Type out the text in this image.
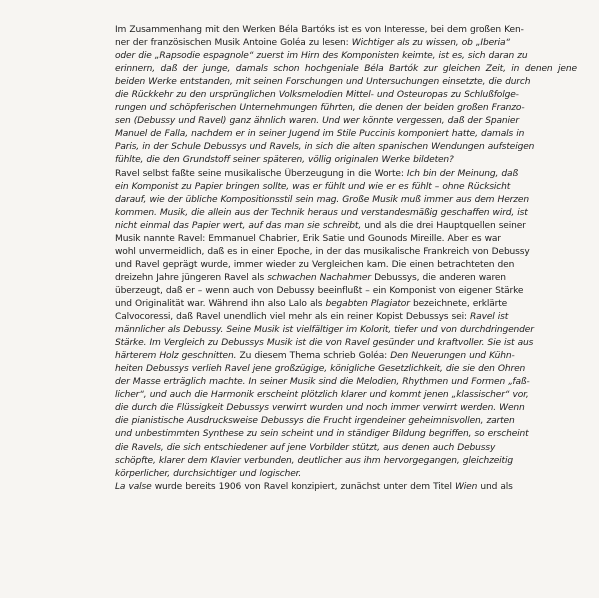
Im Zusammenhang mit den Werken Béla Bartóks ist es von Interesse, bei dem großen Ken-
ner der französischen Musik Antoine Goléa zu lesen: Wichtiger als zu wissen, ob „Iberia“
oder die „Rapsodie espagnole“ zuerst im Hirn des Komponisten keimte, ist es, sich daran zu
erinnern, daß der junge, damals schon hochgeniale Béla Bartók zur gleichen Zeit, in denen jene
beiden Werke entstanden, mit seinen Forschungen und Untersuchungen einsetzte, die durch
die Rückkehr zu den ursprünglichen Volksmelodien Mittel- und Osteuropas zu Schlußfolge-
rungen und schöpferischen Unternehmungen führten, die denen der beiden großen Franzo-
sen (Debussy und Ravel) ganz ähnlich waren. Und wer könnte vergessen, daß der Spanier
Manuel de Falla, nachdem er in seiner Jugend im Stile Puccinis komponiert hatte, damals in
Paris, in der Schule Debussys und Ravels, in sich die alten spanischen Wendungen aufsteigen
fühlte, die den Grundstoff seiner späteren, völlig originalen Werke bildeten?
Ravel selbst faßte seine musikalische Überzeugung in die Worte: Ich bin der Meinung, daß
ein Komponist zu Papier bringen sollte, was er fühlt und wie er es fühlt – ohne Rücksicht
darauf, wie der übliche Kompositionsstil sein mag. Große Musik muß immer aus dem Herzen
kommen. Musik, die allein aus der Technik heraus und verstandesmäßig geschaffen wird, ist
nicht einmal das Papier wert, auf das man sie schreibt, und als die drei Hauptquellen seiner
Musik nannte Ravel: Emmanuel Chabrier, Erik Satie und Gounods Mireille. Aber es war
wohl unvermeidlich, daß es in einer Epoche, in der das musikalische Frankreich von Debussy
und Ravel geprägt wurde, immer wieder zu Vergleichen kam. Die einen betrachteten den
dreizehn Jahre jüngeren Ravel als schwachen Nachahmer Debussys, die anderen waren
überzeugt, daß er – wenn auch von Debussy beeinflußt – ein Komponist von eigener Stärke
und Originalität war. Während ihn also Lalo als begabten Plagiator bezeichnete, erklärte
Calvocoressi, daß Ravel unendlich viel mehr als ein reiner Kopist Debussys sei: Ravel ist
männlicher als Debussy. Seine Musik ist vielfältiger im Kolorit, tiefer und von durchdringender
Stärke. Im Vergleich zu Debussys Musik ist die von Ravel gesünder und kraftvoller. Sie ist aus
härterem Holz geschnitten. Zu diesem Thema schrieb Goléa: Den Neuerungen und Kühn-
heiten Debussys verlieh Ravel jene großzügige, königliche Gesetzlichkeit, die sie den Ohren
der Masse erträglich machte. In seiner Musik sind die Melodien, Rhythmen und Formen „faß-
licher“, und auch die Harmonik erscheint plötzlich klarer und kommt jenen „klassischer“ vor,
die durch die Flüssigkeit Debussys verwirrt wurden und noch immer verwirrt werden. Wenn
die pianistische Ausdrucksweise Debussys die Frucht irgendeiner geheimnisvollen, zarten
und unbestimmten Synthese zu sein scheint und in ständiger Bildung begriffen, so erscheint
die Ravels, die sich entschiedener auf jene Vorbilder stützt, aus denen auch Debussy
schöpfte, klarer dem Klavier verbunden, deutlicher aus ihm hervorgegangen, gleichzeitig
körperlicher, durchsichtiger und logischer.
La valse wurde bereits 1906 von Ravel konzipiert, zunächst unter dem Titel Wien und als
